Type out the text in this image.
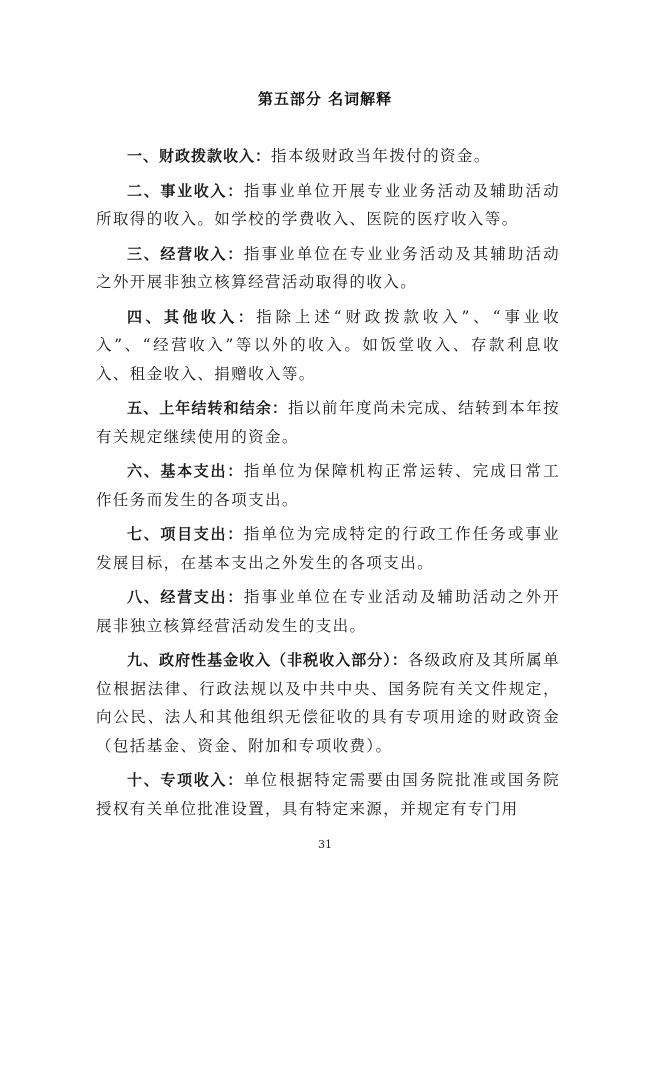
第五部分 名词解释

一、财政拨款收入：指本级财政当年拨付的资金。

二、事业收入：指事业单位开展专业业务活动及辅助活动所取得的收入。如学校的学费收入、医院的医疗收入等。

三、经营收入：指事业单位在专业业务活动及其辅助活动之外开展非独立核算经营活动取得的收入。

四、其他收入：指除上述“财政拨款收入”、“事业收入”、“经营收入”等以外的收入。如饭堂收入、存款利息收入、租金收入、捐赠收入等。

五、上年结转和结余：指以前年度尚未完成、结转到本年按有关规定继续使用的资金。

六、基本支出：指单位为保障机构正常运转、完成日常工作任务而发生的各项支出。

七、项目支出：指单位为完成特定的行政工作任务或事业发展目标，在基本支出之外发生的各项支出。

八、经营支出：指事业单位在专业活动及辅助活动之外开展非独立核算经营活动发生的支出。

九、政府性基金收入（非税收入部分）：各级政府及其所属单位根据法律、行政法规以及中共中央、国务院有关文件规定，向公民、法人和其他组织无偿征收的具有专项用途的财政资金（包括基金、资金、附加和专项收费）。

十、专项收入：单位根据特定需要由国务院批准或国务院授权有关单位批准设置，具有特定来源，并规定有专门用

31
